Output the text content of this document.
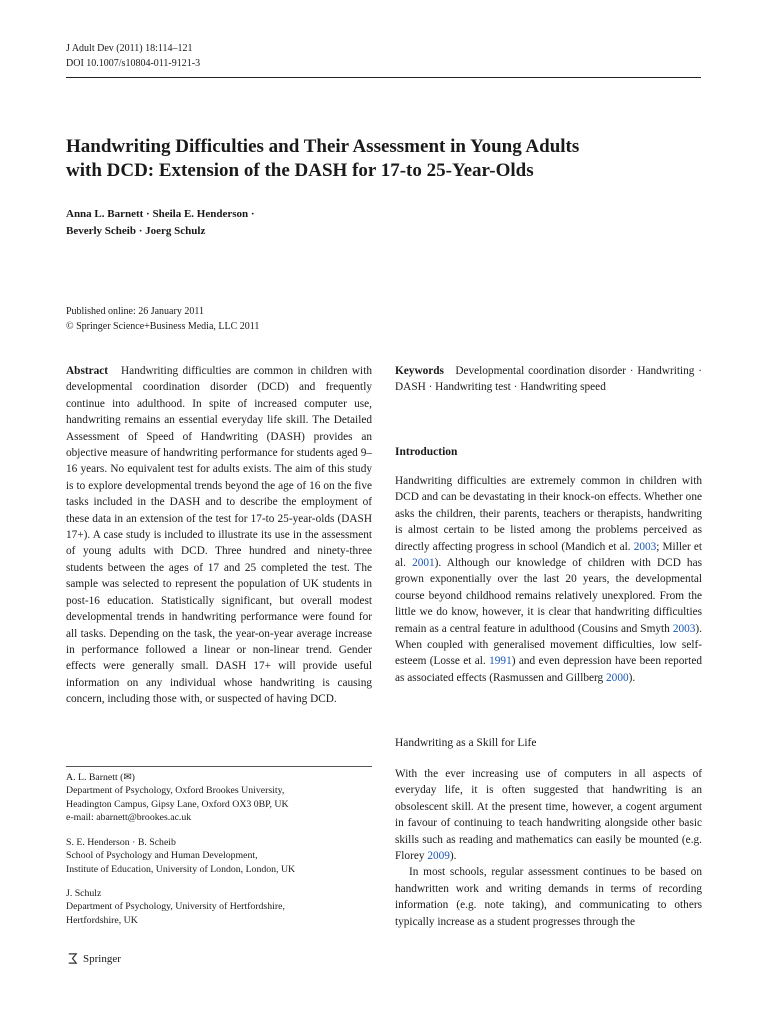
J Adult Dev (2011) 18:114–121
DOI 10.1007/s10804-011-9121-3
Handwriting Difficulties and Their Assessment in Young Adults
with DCD: Extension of the DASH for 17-to 25-Year-Olds
Anna L. Barnett · Sheila E. Henderson ·
Beverly Scheib · Joerg Schulz
Published online: 26 January 2011
© Springer Science+Business Media, LLC 2011

Abstract Handwriting difficulties are common in children with developmental coordination disorder (DCD) and frequently continue into adulthood. In spite of increased computer use, handwriting remains an essential everyday life skill. The Detailed Assessment of Speed of Handwriting (DASH) provides an objective measure of handwriting performance for students aged 9–16 years. No equivalent test for adults exists. The aim of this study is to explore developmental trends beyond the age of 16 on the five tasks included in the DASH and to describe the employment of these data in an extension of the test for 17-to 25-year-olds (DASH 17+). A case study is included to illustrate its use in the assessment of young adults with DCD. Three hundred and ninety-three students between the ages of 17 and 25 completed the test. The sample was selected to represent the population of UK students in post-16 education. Statistically significant, but overall modest developmental trends in handwriting performance were found for all tasks. Depending on the task, the year-on-year average increase in performance followed a linear or non-linear trend. Gender effects were generally small. DASH 17+ will provide useful information on any individual whose handwriting is causing concern, including those with, or suspected of having DCD.

A. L. Barnett (✉)

Department of Psychology, Oxford Brookes University,

Headington Campus, Gipsy Lane, Oxford OX3 0BP, UK

e-mail: abarnett@brookes.ac.uk

S. E. Henderson · B. Scheib

School of Psychology and Human Development,

Institute of Education, University of London, London, UK

J. Schulz

Department of Psychology, University of Hertfordshire,

Hertfordshire, UK

Springer

Keywords Developmental coordination disorder · Handwriting · DASH · Handwriting test · Handwriting speed

Introduction

Handwriting difficulties are extremely common in children with DCD and can be devastating in their knock-on effects. Whether one asks the children, their parents, teachers or therapists, handwriting is almost certain to be listed among the problems perceived as directly affecting progress in school (Mandich et al. 2003; Miller et al. 2001). Although our knowledge of children with DCD has grown exponentially over the last 20 years, the developmental course beyond childhood remains relatively unexplored. From the little we do know, however, it is clear that handwriting difficulties remain as a central feature in adulthood (Cousins and Smyth 2003). When coupled with generalised movement difficulties, low self-esteem (Losse et al. 1991) and even depression have been reported as associated effects (Rasmussen and Gillberg 2000).

Handwriting as a Skill for Life

With the ever increasing use of computers in all aspects of everyday life, it is often suggested that handwriting is an obsolescent skill. At the present time, however, a cogent argument in favour of continuing to teach handwriting alongside other basic skills such as reading and mathematics can easily be mounted (e.g. Florey 2009).

In most schools, regular assessment continues to be based on handwritten work and writing demands in terms of recording information (e.g. note taking), and communicating to others typically increase as a student progresses through the
